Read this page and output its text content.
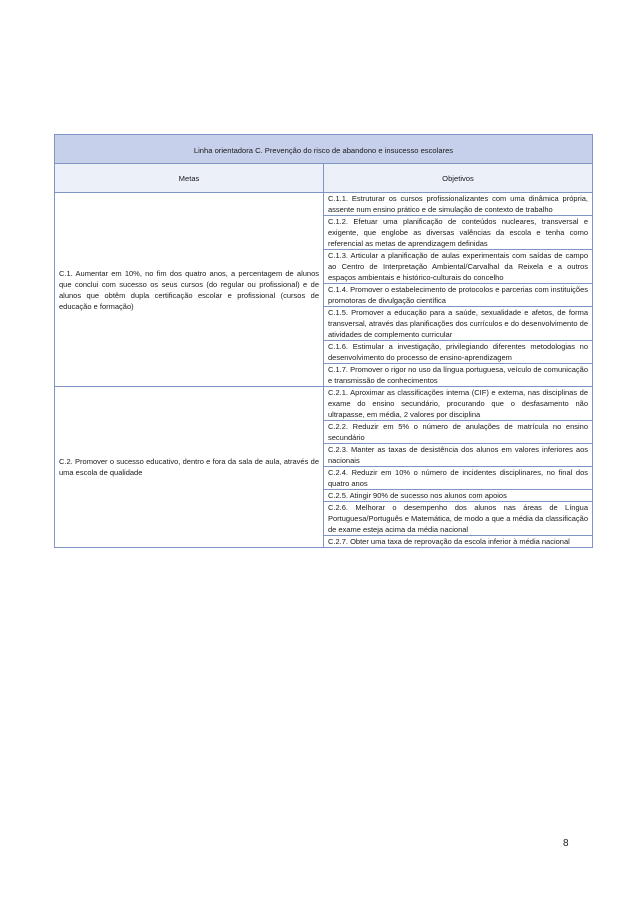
Linha orientadora C. Prevenção do risco de abandono e insucesso escolares	
Metas	Objetivos
C.1. Aumentar em 10%, no fim dos quatro anos, a percentagem de alunos que conclui com sucesso os seus cursos (do regular ou profissional) e de alunos que obtêm dupla certificação escolar e profissional (cursos de educação e formação)	C.1.1. Estruturar os cursos profissionalizantes com uma dinâmica própria, assente num ensino prático e de simulação de contexto de trabalho
	C.1.2. Efetuar uma planificação de conteúdos nucleares, transversal e exigente, que englobe as diversas valências da escola e tenha como referencial as metas de aprendizagem definidas
	C.1.3. Articular a planificação de aulas experimentais com saídas de campo ao Centro de Interpretação Ambiental/Carvalhal da Reixela e a outros espaços ambientais e histórico-culturais do concelho
	C.1.4. Promover o estabelecimento de protocolos e parcerias com instituições promotoras de divulgação científica
	C.1.5. Promover a educação para a saúde, sexualidade e afetos, de forma transversal, através das planificações dos currículos e do desenvolvimento de atividades de complemento curricular
	C.1.6. Estimular a investigação, privilegiando diferentes metodologias no desenvolvimento do processo de ensino-aprendizagem
	C.1.7. Promover o rigor no uso da língua portuguesa, veículo de comunicação e transmissão de conhecimentos
C.2. Promover o sucesso educativo, dentro e fora da sala de aula, através de uma escola de qualidade	C.2.1. Aproximar as classificações interna (CIF) e externa, nas disciplinas de exame do ensino secundário, procurando que o desfasamento não ultrapasse, em média, 2 valores por disciplina
	C.2.2. Reduzir em 5% o número de anulações de matrícula no ensino secundário
	C.2.3. Manter as taxas de desistência dos alunos em valores inferiores aos nacionais
	C.2.4. Reduzir em 10% o número de incidentes disciplinares, no final dos quatro anos
	C.2.5. Atingir 90% de sucesso nos alunos com apoios
	C.2.6. Melhorar o desempenho dos alunos nas áreas de Língua Portuguesa/Português e Matemática, de modo a que a média da classificação de exame esteja acima da média nacional
	C.2.7. Obter uma taxa de reprovação da escola inferior à média nacional
8
